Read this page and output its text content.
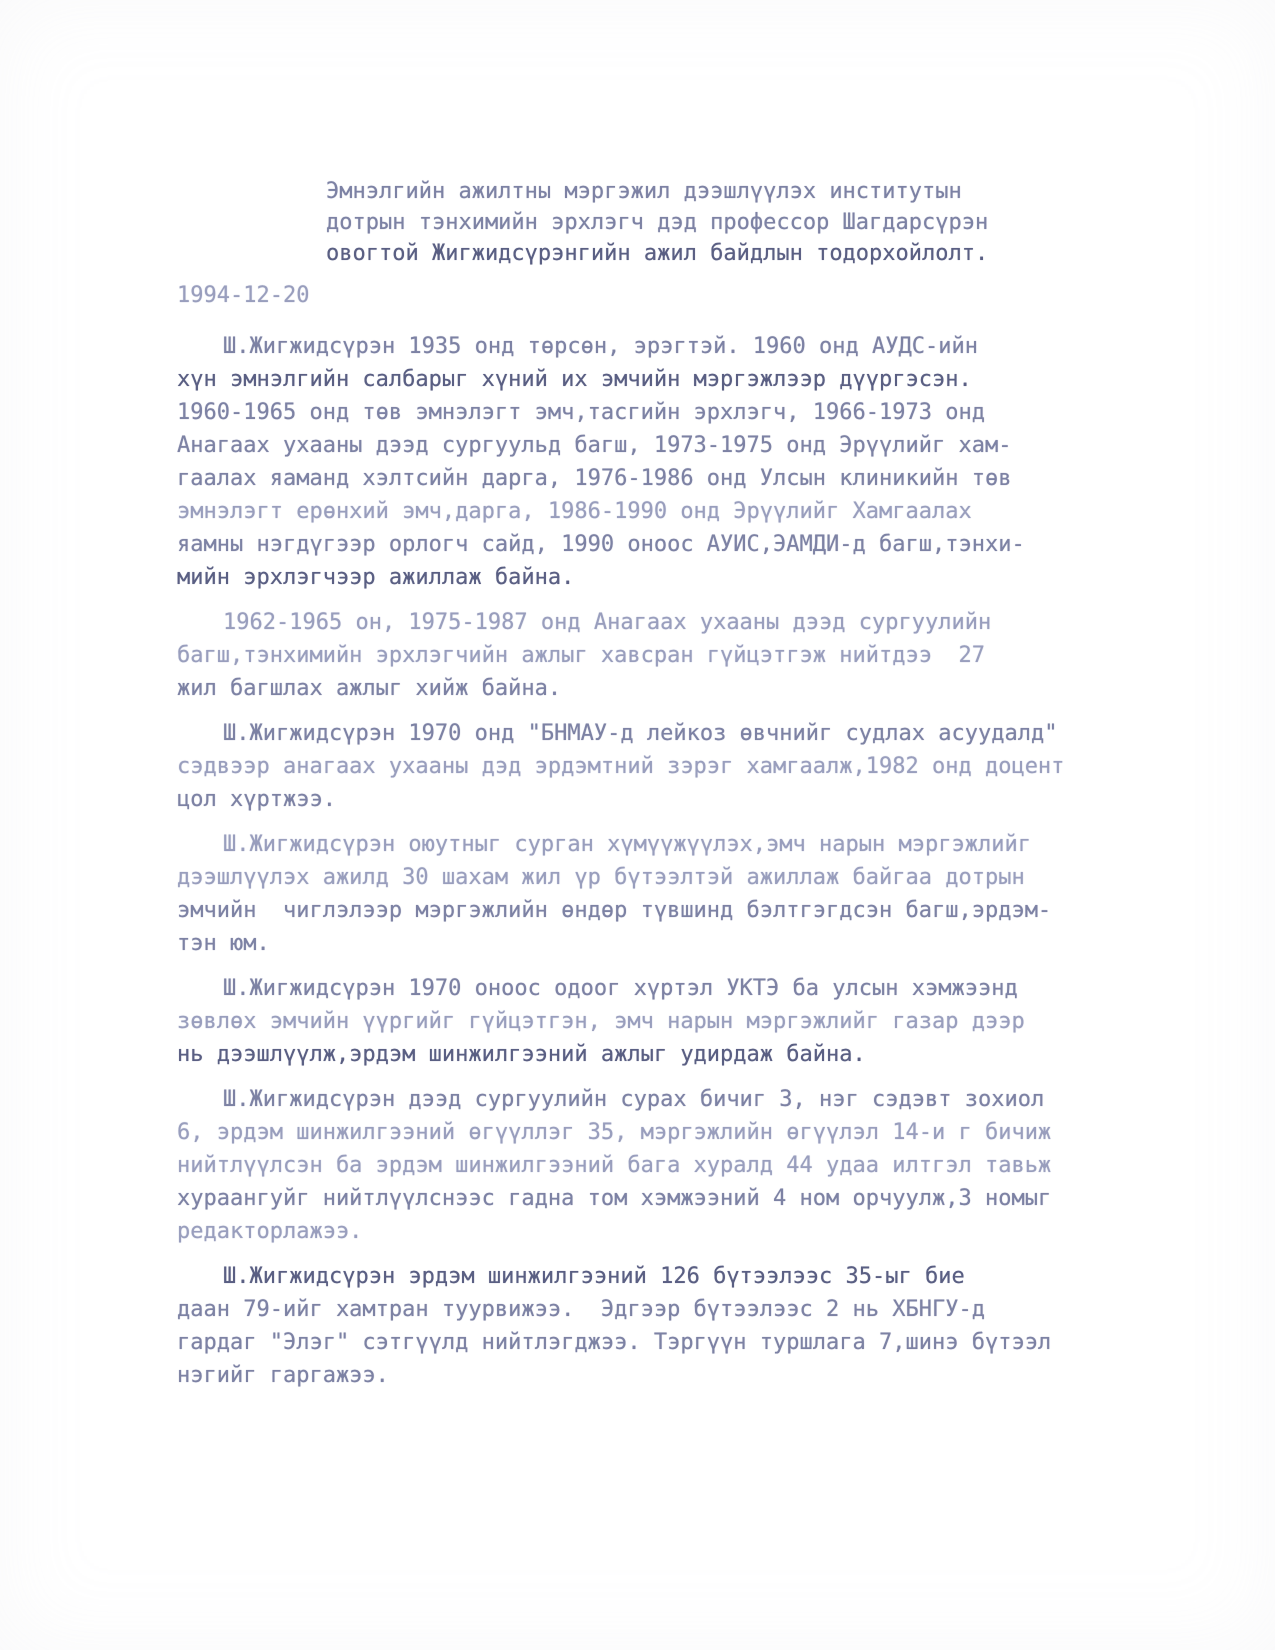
Эмнэлгийн ажилтны мэргэжил дээшлүүлэх институтын
дотрын тэнхимийн эрхлэгч дэд профессор Шагдарсүрэн
овогтой Жигжидсүрэнгийн ажил байдлын тодорхойлолт.
1994-12-20
Ш.Жигжидсүрэн 1935 онд төрсөн, эрэгтэй. 1960 онд АУДС-ийн
хүн эмнэлгийн салбарыг хүний их эмчийн мэргэжлээр дүүргэсэн.
1960-1965 онд төв эмнэлэгт эмч,тасгийн эрхлэгч, 1966-1973 онд
Анагаах ухааны дээд сургуульд багш, 1973-1975 онд Эрүүлийг хам-
гаалах яаманд хэлтсийн дарга, 1976-1986 онд Улсын клиникийн төв
эмнэлэгт ерөнхий эмч,дарга, 1986-1990 онд Эрүүлийг Хамгаалах
яамны нэгдүгээр орлогч сайд, 1990 оноос АУИС,ЭАМДИ-д багш,тэнхи-
мийн эрхлэгчээр ажиллаж байна.
1962-1965 он, 1975-1987 онд Анагаах ухааны дээд сургуулийн
багш,тэнхимийн эрхлэгчийн ажлыг хавсран гүйцэтгэж нийтдээ  27
жил багшлах ажлыг хийж байна.
Ш.Жигжидсүрэн 1970 онд "БНМАУ-д лейкоз өвчнийг судлах асуудалд"
сэдвээр анагаах ухааны дэд эрдэмтний зэрэг хамгаалж,1982 онд доцент
цол хүртжээ.
Ш.Жигжидсүрэн оюутныг сурган хүмүүжүүлэх,эмч нарын мэргэжлийг
дээшлүүлэх ажилд 30 шахам жил үр бүтээлтэй ажиллаж байгаа дотрын
эмчийн  чиглэлээр мэргэжлийн өндөр түвшинд бэлтгэгдсэн багш,эрдэм-
тэн юм.
Ш.Жигжидсүрэн 1970 оноос одоог хүртэл УКТЭ ба улсын хэмжээнд
зөвлөх эмчийн үүргийг гүйцэтгэн, эмч нарын мэргэжлийг газар дээр
нь дээшлүүлж,эрдэм шинжилгээний ажлыг удирдаж байна.
Ш.Жигжидсүрэн дээд сургуулийн сурах бичиг 3, нэг сэдэвт зохиол
6, эрдэм шинжилгээний өгүүллэг 35, мэргэжлийн өгүүлэл 14-и г бичиж
нийтлүүлсэн ба эрдэм шинжилгээний бага хуралд 44 удаа илтгэл тавьж
хураангуйг нийтлүүлснээс гадна том хэмжээний 4 ном орчуулж,3 номыг
редакторлажээ.
Ш.Жигжидсүрэн эрдэм шинжилгээний 126 бүтээлээс 35-ыг бие
даан 79-ийг хамтран туурвижээ.  Эдгээр бүтээлээс 2 нь ХБНГУ-д
гардаг "Элэг" сэтгүүлд нийтлэгджээ. Тэргүүн туршлага 7,шинэ бүтээл
нэгийг гаргажээ.
